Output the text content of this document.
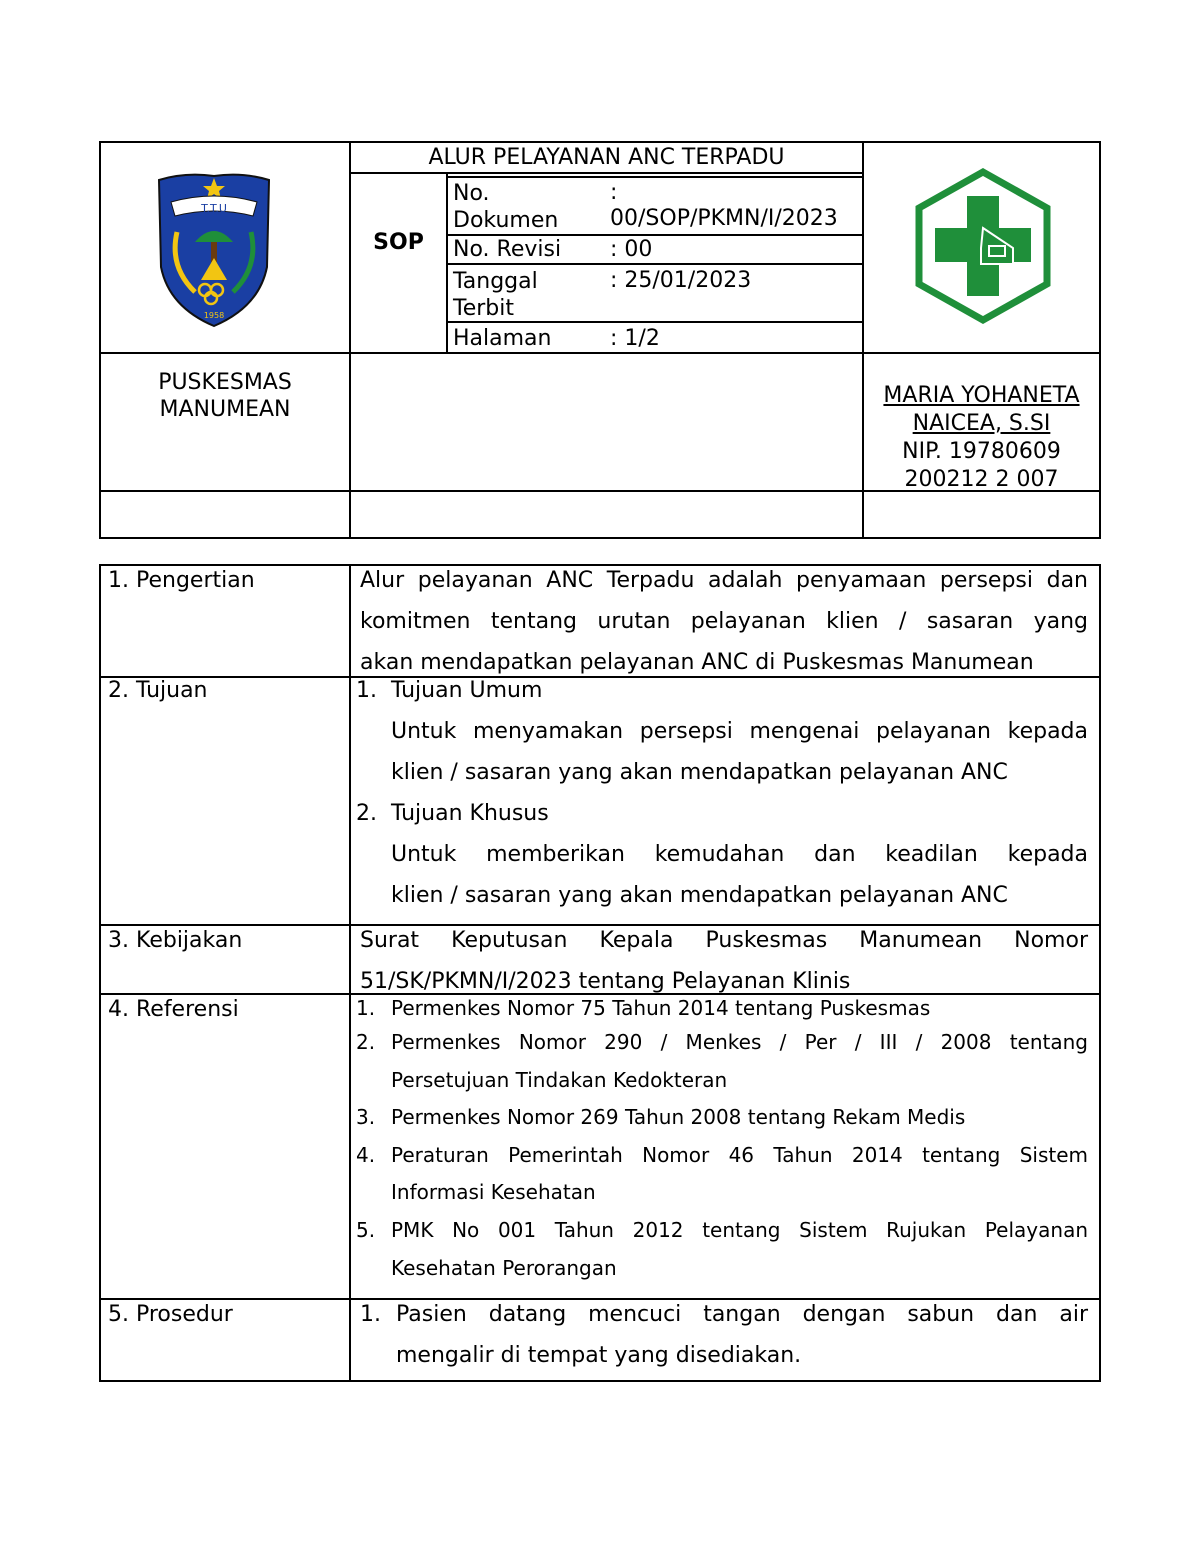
T.T.U
1958
ALUR PELAYANAN ANC TERPADU
SOP
No. Dokumen
:
00/SOP/PKMN/I/2023
No. Revisi : 00
Tanggal Terbit
: 25/01/2023
Halaman	: 1/2
PUSKESMAS
MANUMEAN
MARIA YOHANETA
NAICEA, S.SI
NIP. 19780609
200212 2 007
1. Pengertian
2. Tujuan
3. Kebijakan
4. Referensi
5. Prosedur
Alur pelayanan ANC Terpadu adalah penyamaan persepsi dan
komitmen tentang urutan pelayanan klien / sasaran yang
akan mendapatkan pelayanan ANC di Puskesmas Manumean
1. Tujuan Umum
Untuk menyamakan persepsi mengenai pelayanan kepada
klien / sasaran yang akan mendapatkan pelayanan ANC
2. Tujuan Khusus
Untuk memberikan kemudahan dan keadilan kepada
klien / sasaran yang akan mendapatkan pelayanan ANC
Surat Keputusan Kepala Puskesmas Manumean Nomor
51/SK/PKMN/I/2023 tentang Pelayanan Klinis
1. Permenkes Nomor 75 Tahun 2014 tentang Puskesmas
2. Permenkes Nomor 290 / Menkes / Per / III / 2008 tentang
Persetujuan Tindakan Kedokteran
3. Permenkes Nomor 269 Tahun 2008 tentang Rekam Medis
4. Peraturan Pemerintah Nomor 46 Tahun 2014 tentang Sistem
Informasi Kesehatan
5. PMK No 001 Tahun 2012 tentang Sistem Rujukan Pelayanan
Kesehatan Perorangan
1. Pasien datang mencuci tangan dengan sabun dan air
mengalir di tempat yang disediakan.
